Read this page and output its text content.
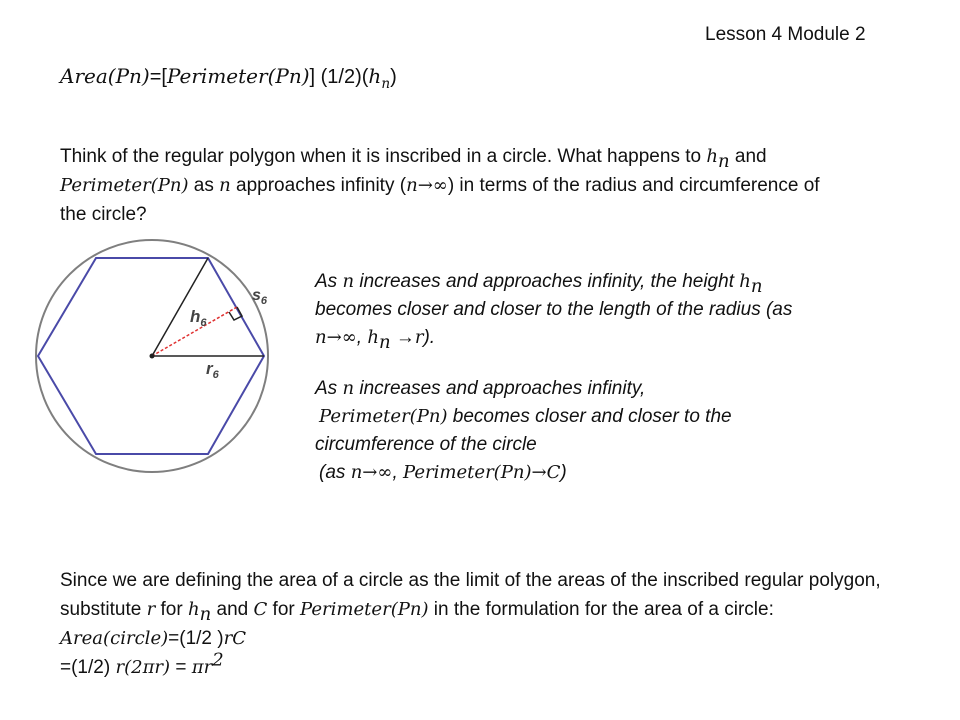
Lesson 4 Module 2
Area(Pn)=[Perimeter(Pn)] $(1/2)(h_n)$
Think of the regular polygon when it is inscribed in a circle. What happens to $h_n$ and Perimeter(Pn) as n approaches infinity (n→∞) in terms of the radius and circumference of the circle?
$s_6$
$h_6$
$r_6$
As n increases and approaches infinity, the height $h_n$ becomes closer and closer to the length of the radius (as n→∞, $h_n \to r$).
As n increases and approaches infinity,
Perimeter(Pn) becomes closer and closer to the circumference of the circle
(as n→∞, Perimeter(Pn)→C)
Since we are defining the area of a circle as the limit of the areas of the inscribed regular polygon, substitute r for $h_n$ and C for Perimeter(Pn) in the formulation for the area of a circle:
Area(circle)=(1/2 )rC
=(1/2) $r(2\pi r) = \pi r^2$
